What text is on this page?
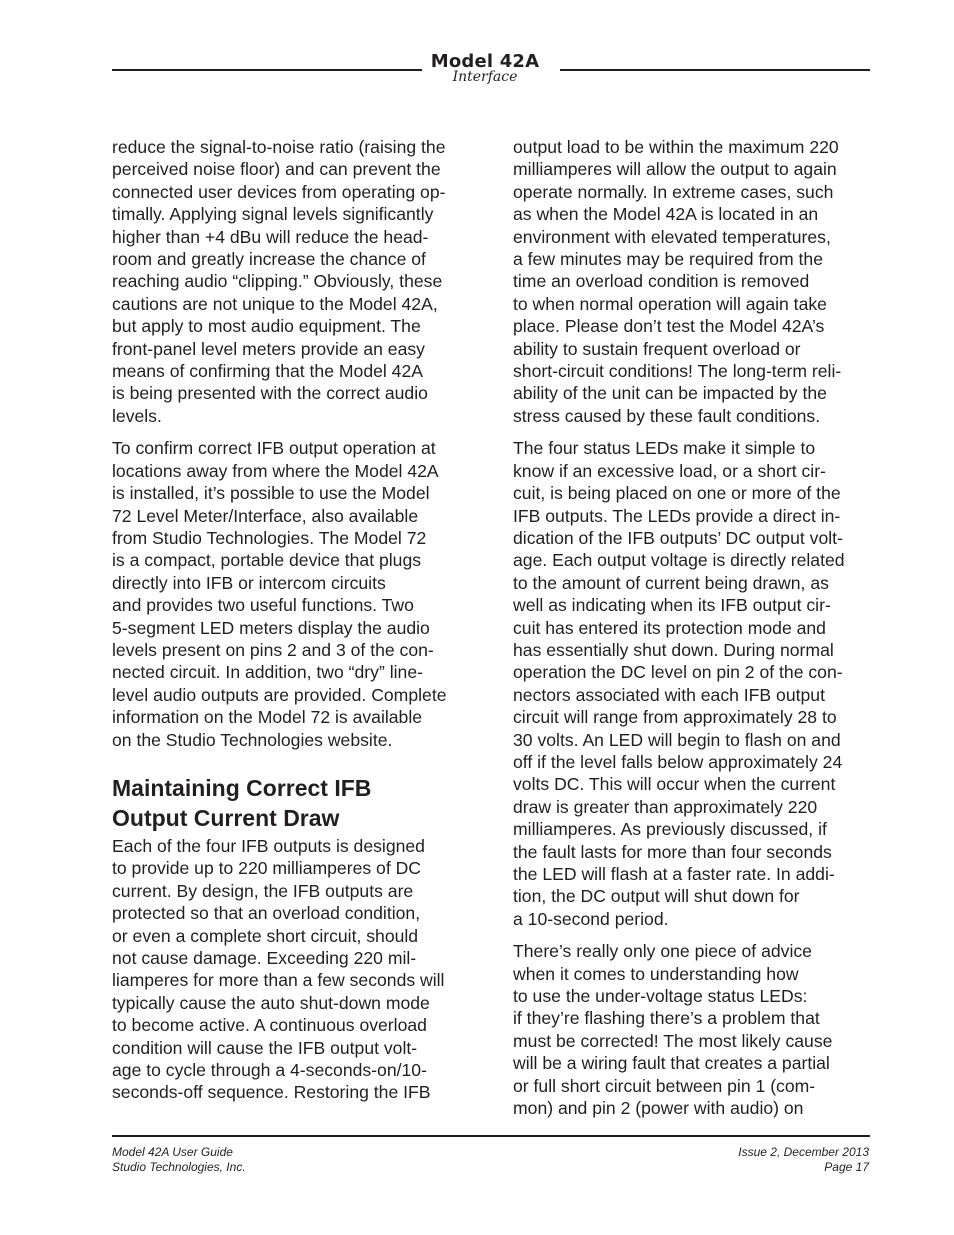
Model 42A
Interface

reduce the signal-to-noise ratio (raising the
perceived noise floor) and can prevent the
connected user devices from operating op-
timally. Applying signal levels significantly
higher than +4 dBu will reduce the head-
room and greatly increase the chance of
reaching audio “clipping.” Obviously, these
cautions are not unique to the Model 42A,
but apply to most audio equipment. The
front-panel level meters provide an easy
means of confirming that the Model 42A
is being presented with the correct audio
levels.

To confirm correct IFB output operation at
locations away from where the Model 42A
is installed, it’s possible to use the Model
72 Level Meter/Interface, also available
from Studio Technologies. The Model 72
is a compact, portable device that plugs
directly into IFB or intercom circuits
and provides two useful functions. Two
5-segment LED meters display the audio
levels present on pins 2 and 3 of the con-
nected circuit. In addition, two “dry” line-
level audio outputs are provided. Complete
information on the Model 72 is available
on the Studio Technologies website.

Maintaining Correct IFB
Output Current Draw

Each of the four IFB outputs is designed
to provide up to 220 milliamperes of DC
current. By design, the IFB outputs are
protected so that an overload condition,
or even a complete short circuit, should
not cause damage. Exceeding 220 mil-
liamperes for more than a few seconds will
typically cause the auto shut-down mode
to become active. A continuous overload
condition will cause the IFB output volt-
age to cycle through a 4-seconds-on/10-
seconds-off sequence. Restoring the IFB

output load to be within the maximum 220
milliamperes will allow the output to again
operate normally. In extreme cases, such
as when the Model 42A is located in an
environment with elevated temperatures,
a few minutes may be required from the
time an overload condition is removed
to when normal operation will again take
place. Please don’t test the Model 42A’s
ability to sustain frequent overload or
short-circuit conditions! The long-term reli-
ability of the unit can be impacted by the
stress caused by these fault conditions.

The four status LEDs make it simple to
know if an excessive load, or a short cir-
cuit, is being placed on one or more of the
IFB outputs. The LEDs provide a direct in-
dication of the IFB outputs’ DC output volt-
age. Each output voltage is directly related
to the amount of current being drawn, as
well as indicating when its IFB output cir-
cuit has entered its protection mode and
has essentially shut down. During normal
operation the DC level on pin 2 of the con-
nectors associated with each IFB output
circuit will range from approximately 28 to
30 volts. An LED will begin to flash on and
off if the level falls below approximately 24
volts DC. This will occur when the current
draw is greater than approximately 220
milliamperes. As previously discussed, if
the fault lasts for more than four seconds
the LED will flash at a faster rate. In addi-
tion, the DC output will shut down for
a 10-second period.

There’s really only one piece of advice
when it comes to understanding how
to use the under-voltage status LEDs:
if they’re flashing there’s a problem that
must be corrected! The most likely cause
will be a wiring fault that creates a partial
or full short circuit between pin 1 (com-
mon) and pin 2 (power with audio) on

Model 42A User Guide
Studio Technologies, Inc.
Issue 2, December 2013
Page 17
